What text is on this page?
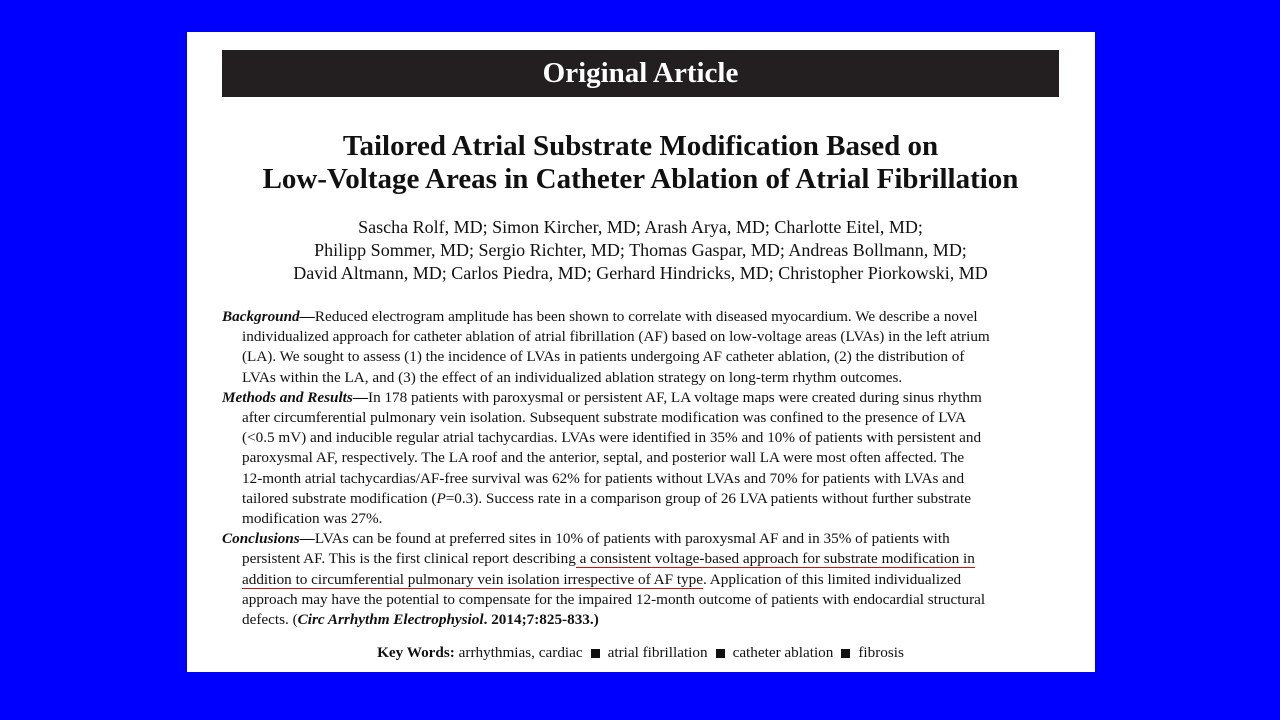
Original Article
Tailored Atrial Substrate Modification Based on
Low-Voltage Areas in Catheter Ablation of Atrial Fibrillation
Sascha Rolf, MD; Simon Kircher, MD; Arash Arya, MD; Charlotte Eitel, MD;
Philipp Sommer, MD; Sergio Richter, MD; Thomas Gaspar, MD; Andreas Bollmann, MD;
David Altmann, MD; Carlos Piedra, MD; Gerhard Hindricks, MD; Christopher Piorkowski, MD
Background—Reduced electrogram amplitude has been shown to correlate with diseased myocardium. We describe a novel
individualized approach for catheter ablation of atrial fibrillation (AF) based on low-voltage areas (LVAs) in the left atrium
(LA). We sought to assess (1) the incidence of LVAs in patients undergoing AF catheter ablation, (2) the distribution of
LVAs within the LA, and (3) the effect of an individualized ablation strategy on long-term rhythm outcomes.
Methods and Results—In 178 patients with paroxysmal or persistent AF, LA voltage maps were created during sinus rhythm
after circumferential pulmonary vein isolation. Subsequent substrate modification was confined to the presence of LVA
(<0.5 mV) and inducible regular atrial tachycardias. LVAs were identified in 35% and 10% of patients with persistent and
paroxysmal AF, respectively. The LA roof and the anterior, septal, and posterior wall LA were most often affected. The
12-month atrial tachycardias/AF-free survival was 62% for patients without LVAs and 70% for patients with LVAs and
tailored substrate modification (P=0.3). Success rate in a comparison group of 26 LVA patients without further substrate
modification was 27%.
Conclusions—LVAs can be found at preferred sites in 10% of patients with paroxysmal AF and in 35% of patients with
persistent AF. This is the first clinical report describing a consistent voltage-based approach for substrate modification in
addition to circumferential pulmonary vein isolation irrespective of AF type. Application of this limited individualized
approach may have the potential to compensate for the impaired 12-month outcome of patients with endocardial structural
defects. (Circ Arrhythm Electrophysiol. 2014;7:825-833.)
Key Words: arrhythmias, cardiac atrial fibrillation catheter ablation fibrosis
